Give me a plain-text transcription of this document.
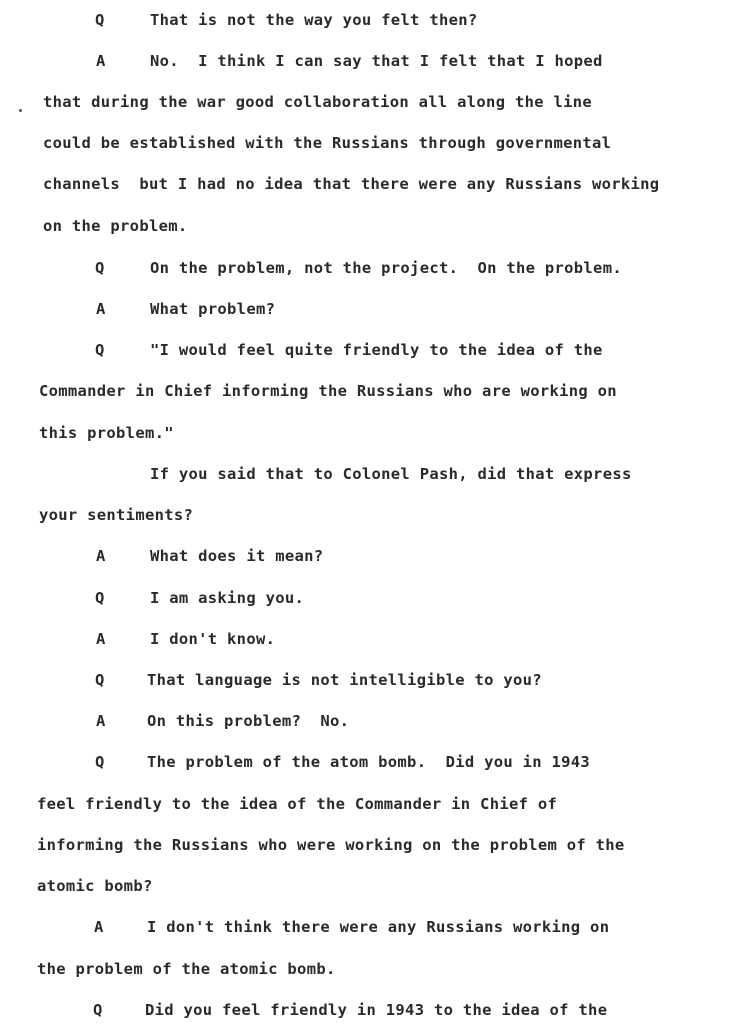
Q	That is not the way you felt then?
A	No.  I think I can say that I felt that I hoped
that during the war good collaboration all along the line
could be established with the Russians through governmental
channels  but I had no idea that there were any Russians working
on the problem.
Q	On the problem, not the project.  On the problem.
A	What problem?
Q	"I would feel quite friendly to the idea of the
Commander in Chief informing the Russians who are working on
this problem."
If you said that to Colonel Pash, did that express
your sentiments?
A	What does it mean?
Q	I am asking you.
A	I don't know.
Q	That language is not intelligible to you?
A	On this problem?  No.
Q	The problem of the atom bomb.  Did you in 1943
feel friendly to the idea of the Commander in Chief of
informing the Russians who were working on the problem of the
atomic bomb?
A	I don't think there were any Russians working on
the problem of the atomic bomb.
Q	Did you feel friendly in 1943 to the idea of the
